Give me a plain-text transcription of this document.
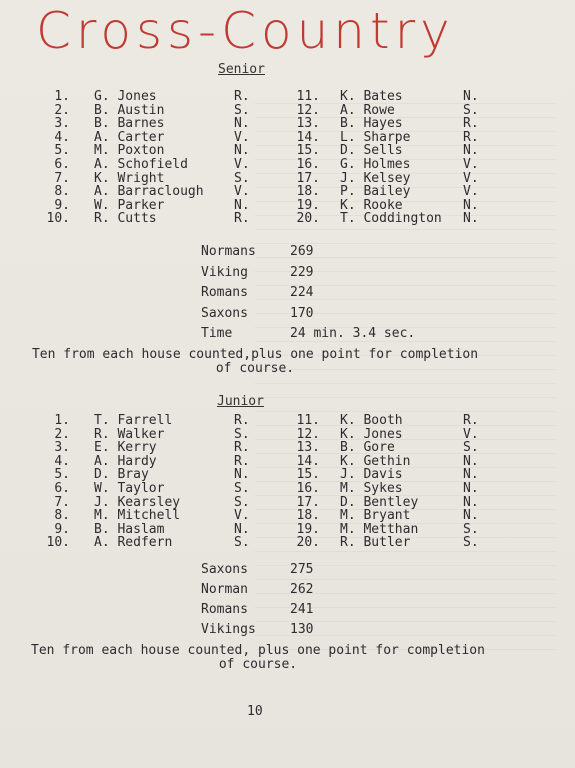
Cross-Country
Senior
1. G. Jones	R.	11. K. Bates	N.
2. B. Austin	S.	12. A. Rowe	S.
3. B. Barnes	N.	13. B. Hayes	R.
4. A. Carter	V.	14. L. Sharpe	R.
5. M. Poxton	N.	15. D. Sells	N.
6. A. Schofield	V.	16. G. Holmes	V.
7. K. Wright	S.	17. J. Kelsey	V.
8. A. Barraclough V.	18. P. Bailey	V.
9. W. Parker	N.	19. K. Rooke	N.
10. R. Cutts	R.	20. T. Coddington N.
Normans	269
Viking	229
Romans	224
Saxons	170
Time	24 min. 3.4 sec.
Ten from each house counted,plus one point for completion
of course.
Junior
1. T. Farrell	R.	11. K. Booth	R.
2. R. Walker	S.	12. K. Jones	V.
3. E. Kerry	R.	13. B. Gore	S.
4. A. Hardy	R.	14. K. Gethin	N.
5. D. Bray	N.	15. J. Davis	N.
6. W. Taylor	S.	16. M. Sykes	N.
7. J. Kearsley	S.	17. D. Bentley	N.
8. M. Mitchell	V.	18. M. Bryant	N.
9. B. Haslam	N.	19. M. Metthan	S.
10. A. Redfern	S.	20. R. Butler	S.
Saxons	275
Norman	262
Romans	241
Vikings	130
Ten from each house counted, plus one point for completion
of course.
10
